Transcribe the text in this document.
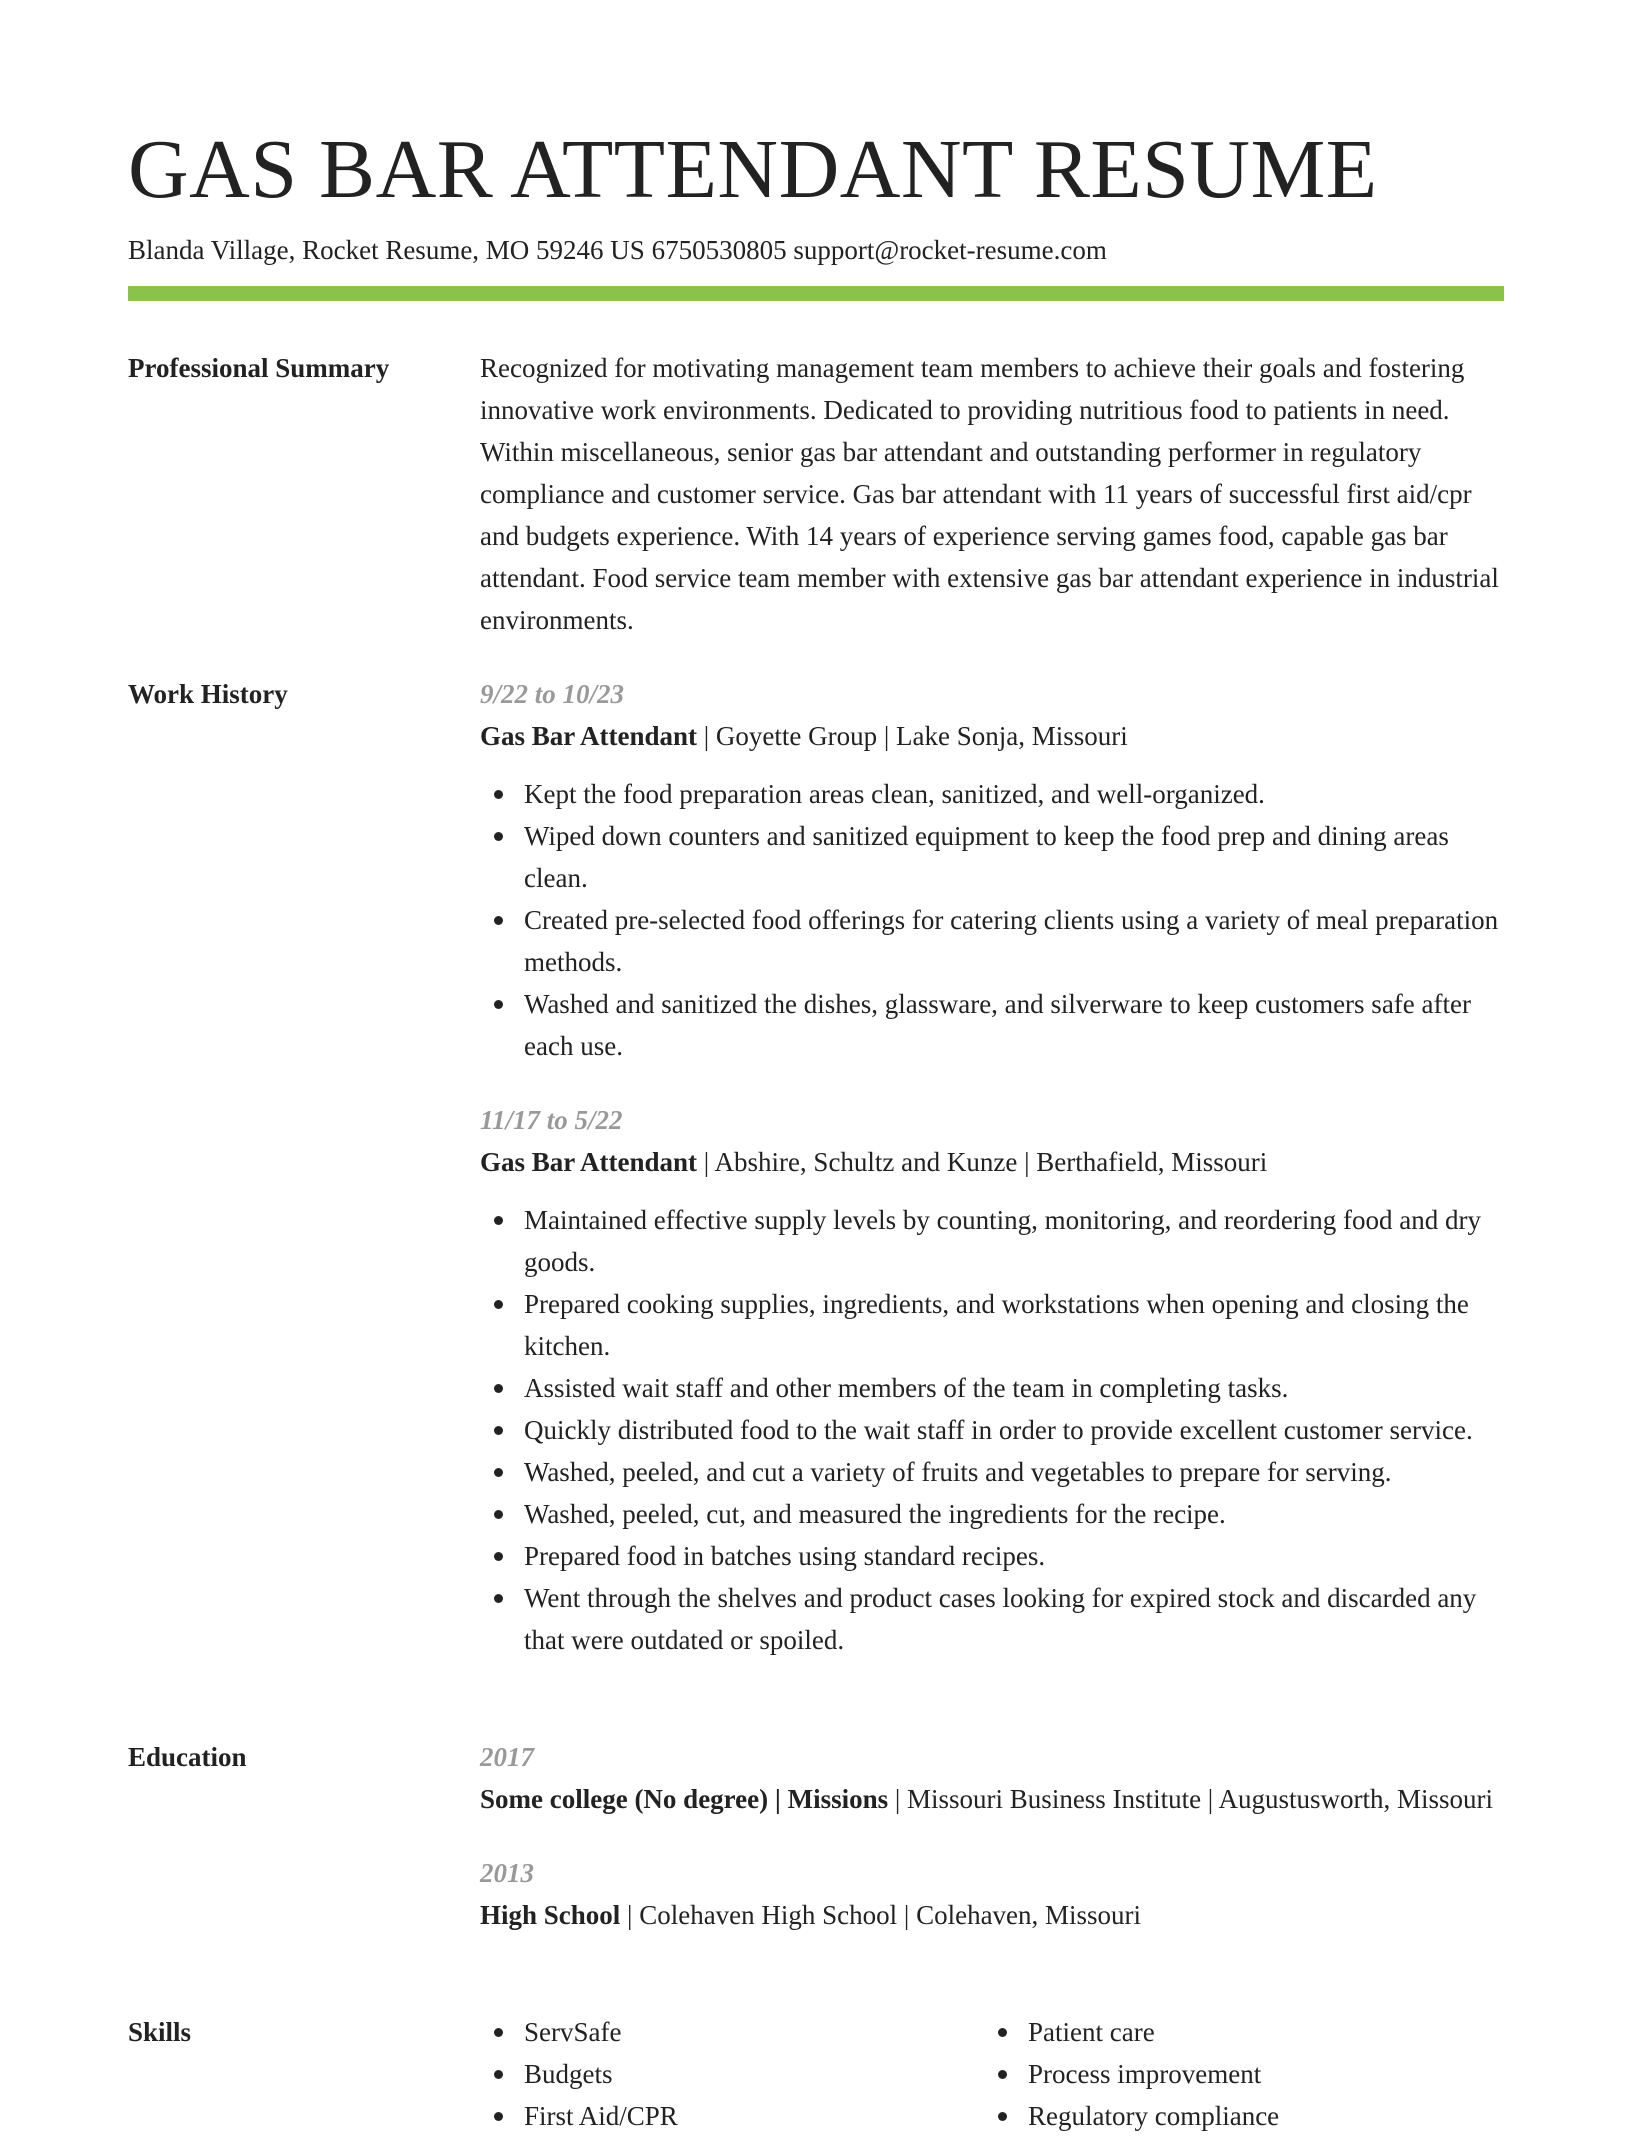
GAS BAR ATTENDANT RESUME
Blanda Village, Rocket Resume, MO 59246 US 6750530805 support@rocket-resume.com
Professional Summary	Recognized for motivating management team members to achieve their goals and fostering innovative work environments. Dedicated to providing nutritious food to patients in need. Within miscellaneous, senior gas bar attendant and outstanding performer in regulatory compliance and customer service. Gas bar attendant with 11 years of successful first aid/cpr and budgets experience. With 14 years of experience serving games food, capable gas bar attendant. Food service team member with extensive gas bar attendant experience in industrial environments.

Work History	9/22 to 10/23
Gas Bar Attendant | Goyette Group | Lake Sonja, Missouri
Kept the food preparation areas clean, sanitized, and well-organized.
Wiped down counters and sanitized equipment to keep the food prep and dining areas clean.
Created pre-selected food offerings for catering clients using a variety of meal preparation methods.
Washed and sanitized the dishes, glassware, and silverware to keep customers safe after each use.
11/17 to 5/22
Gas Bar Attendant | Abshire, Schultz and Kunze | Berthafield, Missouri
Maintained effective supply levels by counting, monitoring, and reordering food and dry goods.
Prepared cooking supplies, ingredients, and workstations when opening and closing the kitchen.
Assisted wait staff and other members of the team in completing tasks.
Quickly distributed food to the wait staff in order to provide excellent customer service.
Washed, peeled, and cut a variety of fruits and vegetables to prepare for serving.
Washed, peeled, cut, and measured the ingredients for the recipe.
Prepared food in batches using standard recipes.
Went through the shelves and product cases looking for expired stock and discarded any that were outdated or spoiled.
Education	2017
Some college (No degree) | Missions | Missouri Business Institute | Augustusworth, Missouri
2013
High School | Colehaven High School | Colehaven, Missouri
Skills	ServSafe
Budgets
First Aid/CPR
Patient care
Process improvement
Regulatory compliance
